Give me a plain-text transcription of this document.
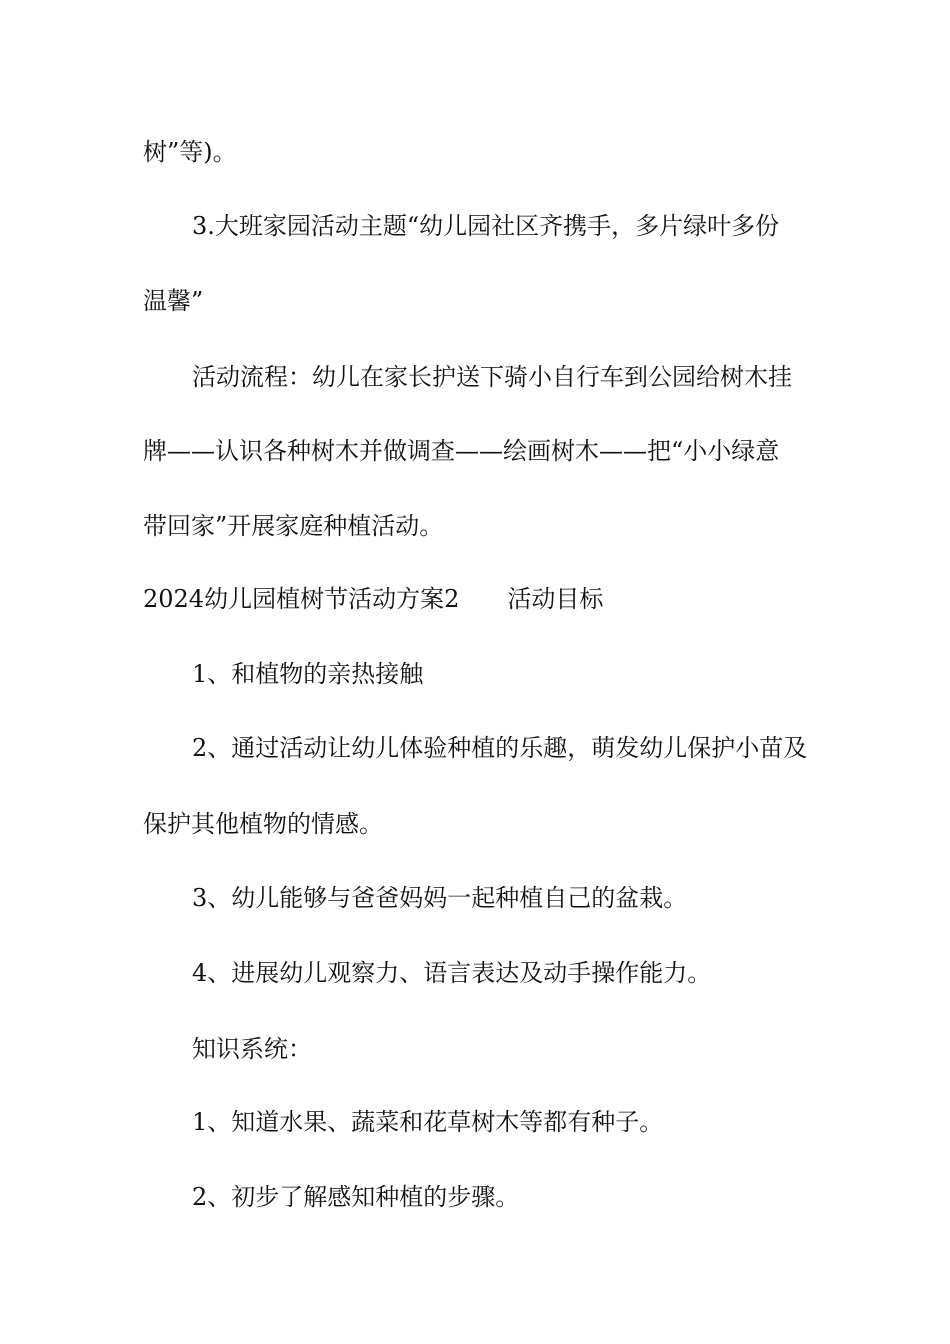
树”等)。
3.大班家园活动主题“幼儿园社区齐携手，多片绿叶多份
温馨”
活动流程：幼儿在家长护送下骑小自行车到公园给树木挂
牌——认识各种树木并做调查——绘画树木——把“小小绿意
带回家”开展家庭种植活动。
2024幼儿园植树节活动方案2 活动目标
1、和植物的亲热接触
2、通过活动让幼儿体验种植的乐趣，萌发幼儿保护小苗及
保护其他植物的情感。
3、幼儿能够与爸爸妈妈一起种植自己的盆栽。
4、进展幼儿观察力、语言表达及动手操作能力。
知识系统：
1、知道水果、蔬菜和花草树木等都有种子。
2、初步了解感知种植的步骤。
